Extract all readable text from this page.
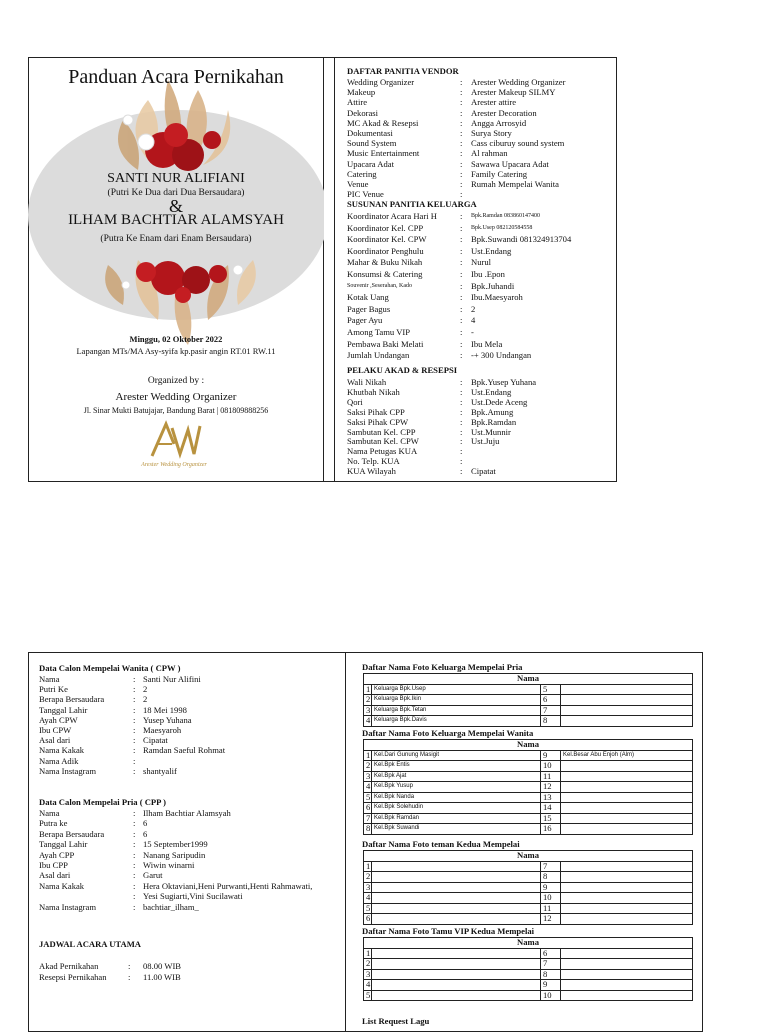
Panduan Acara Pernikahan
SANTI NUR ALIFIANI
(Putri Ke Dua dari Dua Bersaudara)
&
ILHAM BACHTIAR ALAMSYAH
(Putra Ke Enam dari Enam Bersaudara)
Minggu, 02 Oktober 2022
Lapangan MTs/MA Asy-syifa kp.pasir angin RT.01 RW.11
Organized by :
Arester Wedding Organizer
Jl. Sinar Mukti Batujajar, Bandung Barat | 081809888256
Arester Wedding Organizer
DAFTAR PANITIA VENDOR
Wedding Organizer	: Arester Wedding Organizer
Makeup	: Arester Makeup SILMY
Attire	: Arester attire
Dekorasi	: Arester Decoration
MC Akad & Resepsi	: Angga Arrosyid
Dokumentasi	: Surya Story
Sound System	: Cass ciburuy sound system
Music Entertainment	: Al rahman
Upacara Adat	: Sawawa Upacara Adat
Catering	: Family Catering
Venue	: Rumah Mempelai Wanita
PIC Venue	:
SUSUNAN PANITIA KELUARGA
Koordinator Acara Hari H	: Bpk.Ramdan 083860147400
Koordinator Kel. CPP	: Bpk.Usep 082120584558
Koordinator Kel. CPW	: Bpk.Suwandi 081324913704
Koordinator Penghulu	: Ust.Endang
Mahar & Buku Nikah	: Nurul
Konsumsi & Catering	: Ibu .Epon
Souvenir ,Seserahan, Kado	: Bpk.Juhandi
Kotak Uang	: Ibu.Maesyaroh
Pager Bagus	: 2
Pager Ayu	: 4
Among Tamu VIP	: -
Pembawa Baki Melati	: Ibu Mela
Jumlah Undangan	: -+ 300 Undangan
PELAKU AKAD & RESEPSI
Wali Nikah	: Bpk.Yusep Yuhana
Khutbah Nikah	: Ust.Endang
Qori	: Ust.Dede Aceng
Saksi Pihak CPP	: Bpk.Amung
Saksi Pihak CPW	: Bpk.Ramdan
Sambutan Kel. CPP	: Ust.Munnir
Sambutan Kel. CPW	: Ust.Juju
Nama Petugas KUA	:
No. Telp. KUA	:
KUA Wilayah	: Cipatat
Data Calon Mempelai Wanita ( CPW )
Nama	: Santi Nur Alifini
Putri Ke	: 2
Berapa Bersaudara	: 2
Tanggal Lahir	: 18 Mei 1998
Ayah CPW	: Yusep Yuhana
Ibu CPW	: Maesyaroh
Asal dari	: Cipatat
Nama Kakak	: Ramdan Saeful Rohmat
Nama Adik	:
Nama Instagram	: shantyalif
Data Calon Mempelai Pria ( CPP )
Nama	: Ilham Bachtiar Alamsyah
Putra ke	: 6
Berapa Bersaudara	: 6
Tanggal Lahir	: 15 September1999
Ayah CPP	: Nanang Saripudin
Ibu CPP	: Wiwin winarni
Asal dari	: Garut
Nama Kakak	: Hera Oktaviani,Heni Purwanti,Henti Rahmawati,
: Yesi Sugiarti,Vini Sucilawati
Nama Instagram	: bachtiar_ilham_
JADWAL ACARA UTAMA
Akad Pernikahan	: 08.00 WIB
Resepsi Pernikahan : 11.00 WIB
Daftar Nama Foto Keluarga Mempelai Pria
Nama			
1	Keluarga Bpk.Usep	5	
2	Keluarga Bpk.Ikin	6	
3	Keluarga Bpk.Tetan	7	
4	Keluarga Bpk.Davis	8	
Daftar Nama Foto Keluarga Mempelai Wanita
Nama			
1	Kel.Dari Gunung Masigit	9	Kel.Besar Abu Enjoh (Alm)
2	Kel.Bpk Entis	10	
3	Kel.Bpk Ajat	11	
4	Kel.Bpk Yusup	12	
5	Kel.Bpk Nanda	13	
6	Kel.Bpk Solehudin	14	
7	Kel.Bpk Ramdan	15	
8	Kel.Bpk Suwandi	16	
Daftar Nama Foto teman Kedua Mempelai
Nama			
1		7	
2		8	
3		9	
4		10	
5		11	
6		12	
Daftar Nama Foto Tamu VIP Kedua Mempelai
Nama			
1		6	
2		7	
3		8	
4		9	
5		10	
List Request Lagu
